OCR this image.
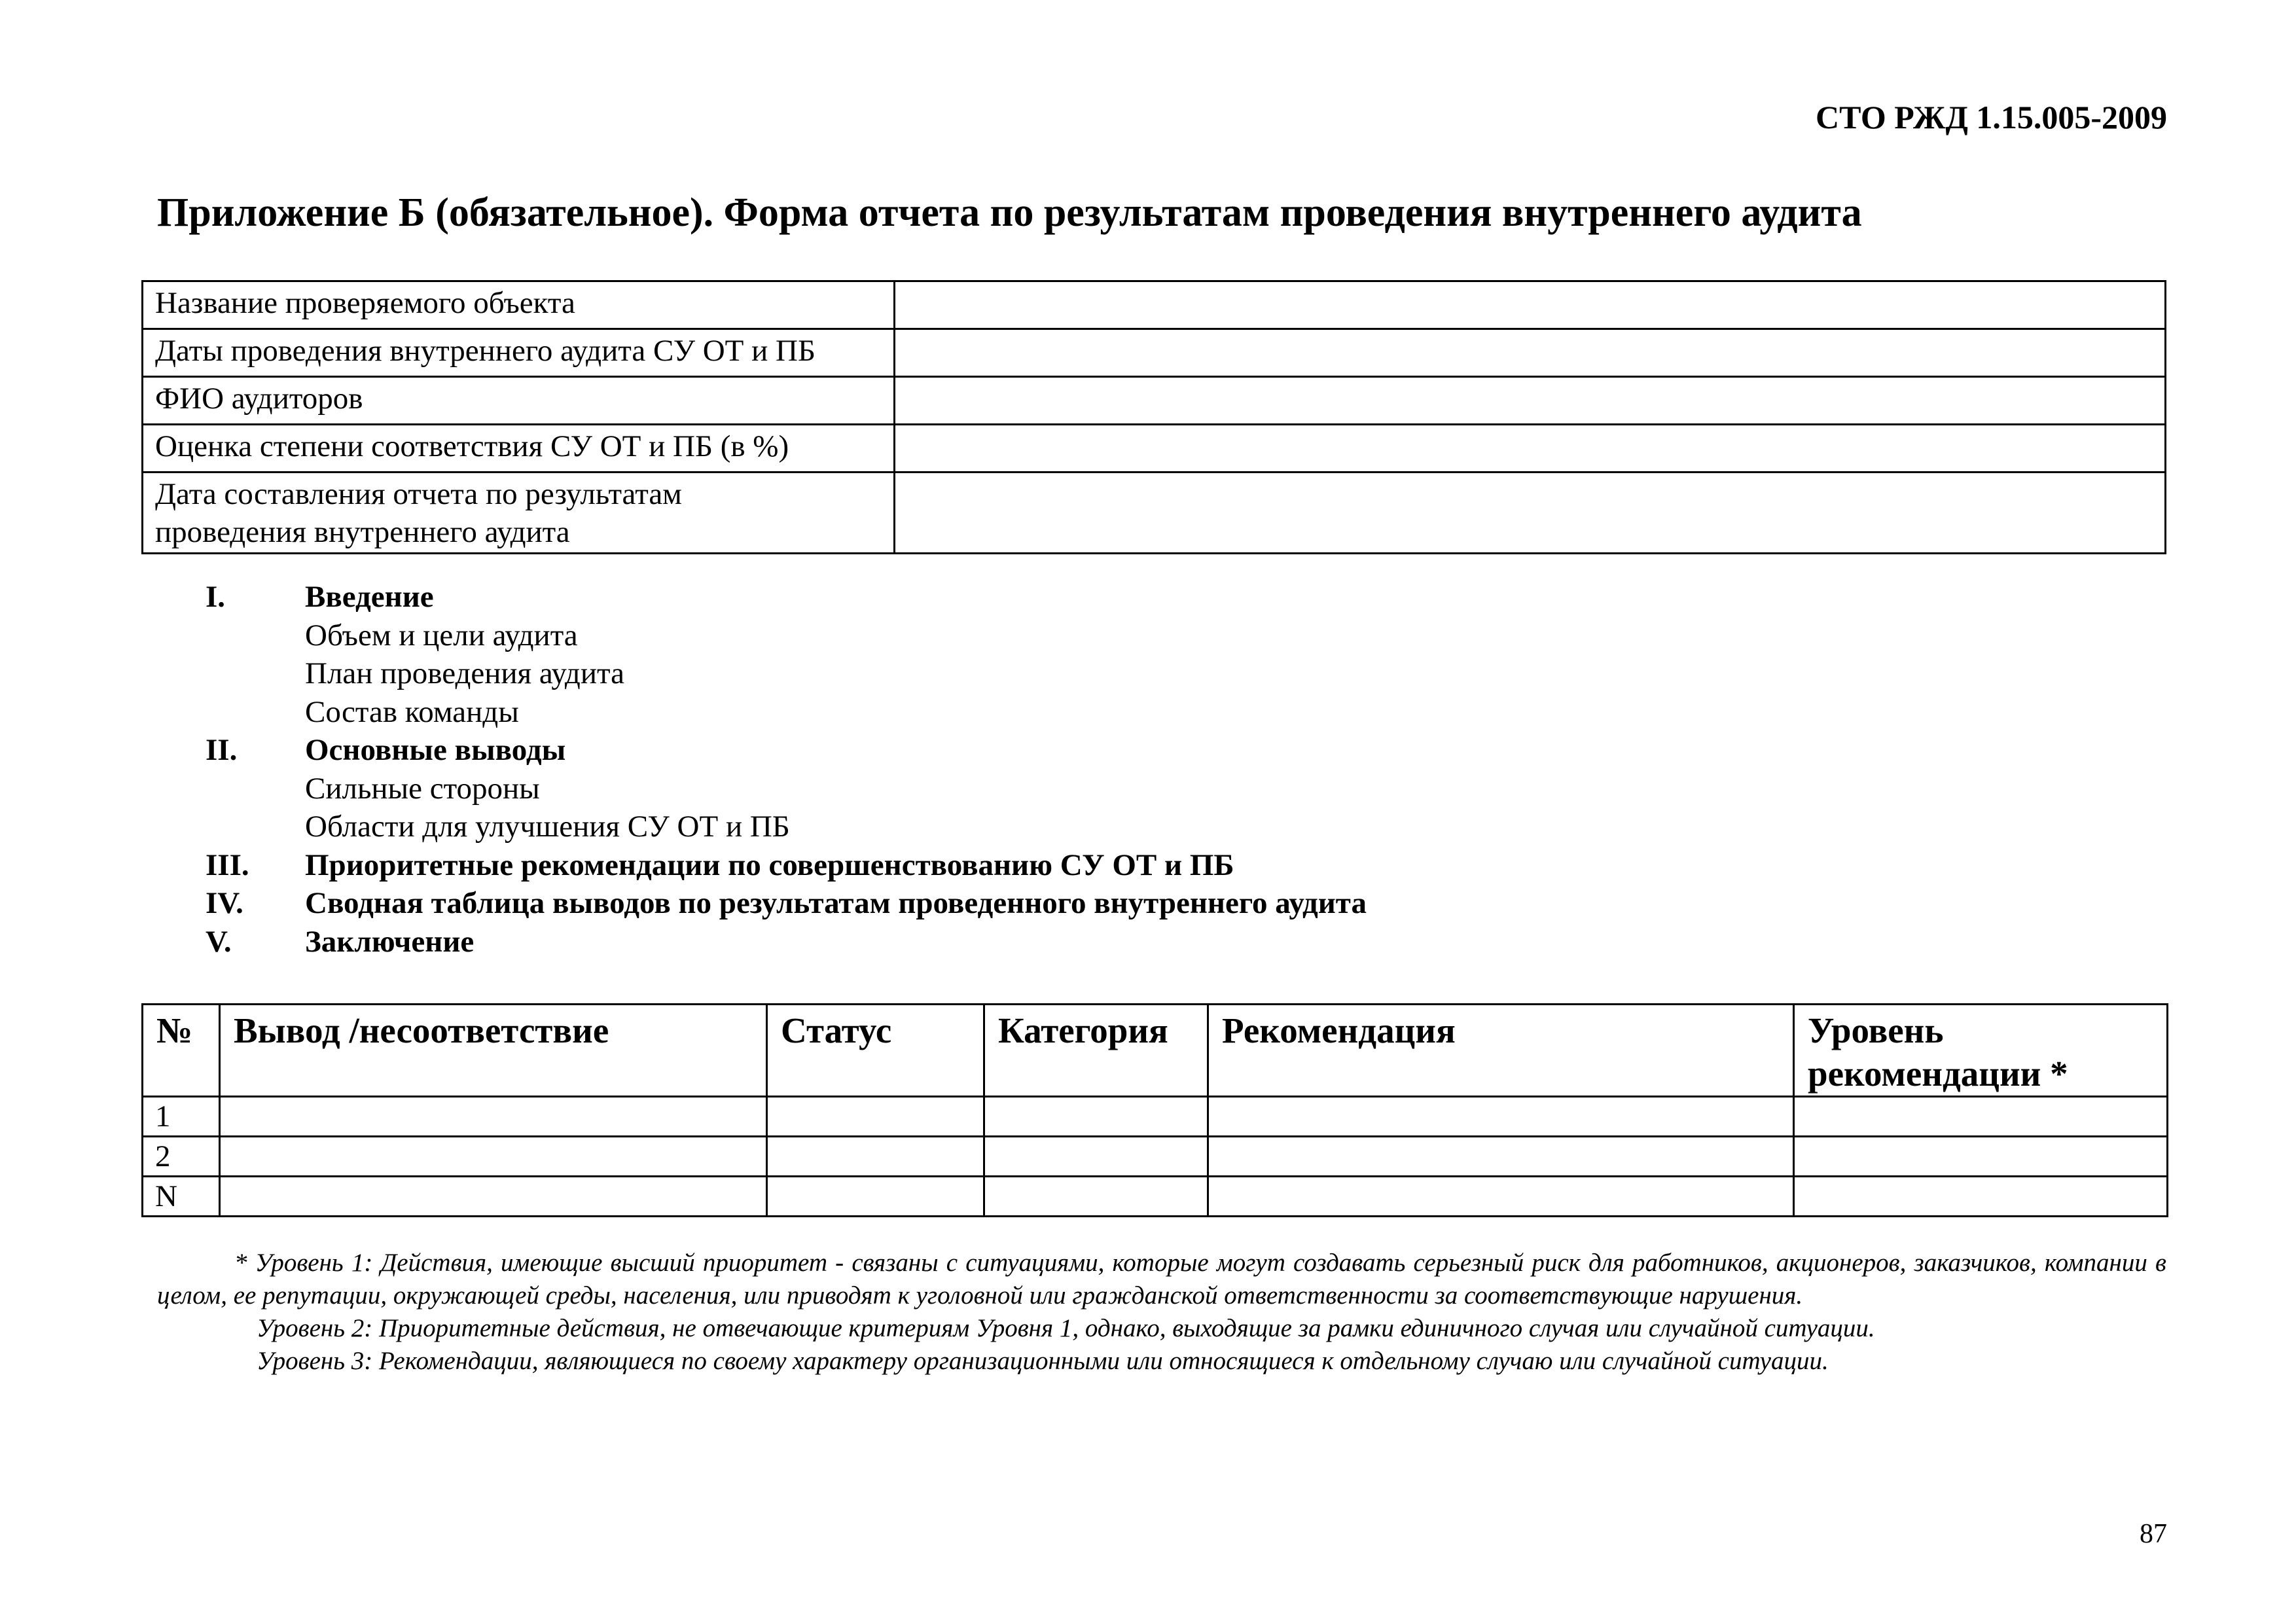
СТО РЖД 1.15.005-2009
Приложение Б (обязательное). Форма отчета по результатам проведения внутреннего аудита
Название проверяемого объекта	
Даты проведения внутреннего аудита СУ ОТ и ПБ	
ФИО аудиторов	
Оценка степени соответствия СУ ОТ и ПБ (в %)	
Дата составления отчета по результатам
проведения внутреннего аудита	
I.	Введение
Объем и цели аудита
План проведения аудита
Состав команды
II. Основные выводы
Сильные стороны
Области для улучшения СУ ОТ и ПБ
III. Приоритетные рекомендации по совершенствованию СУ ОТ и ПБ
IV. Сводная таблица выводов по результатам проведенного внутреннего аудита
V. Заключение
№	Вывод /несоответствие	Статус	Категория	Рекомендация	Уровень рекомендации *
1					
2					
N					

* Уровень 1: Действия, имеющие высший приоритет - связаны с ситуациями, которые могут создавать серьезный риск для работников, акционеров, заказчиков, компании в целом, ее репутации, окружающей среды, населения, или приводят к уголовной или гражданской ответственности за соответствующие нарушения.

Уровень 2: Приоритетные действия, не отвечающие критериям Уровня 1, однако, выходящие за рамки единичного случая или случайной ситуации.

Уровень 3: Рекомендации, являющиеся по своему характеру организационными или относящиеся к отдельному случаю или случайной ситуации.

87
